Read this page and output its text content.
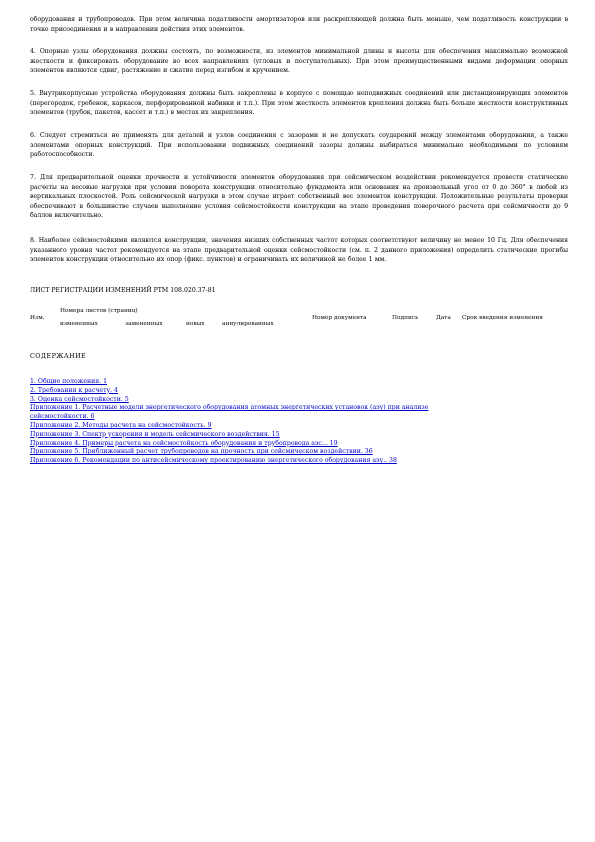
оборудования и трубопроводов. При этом величина податливости амортизаторов или раскрепляющей должна быть меньше, чем податливость конструкции в точке присоединения и в направлении действия этих элементов.

4. Опорные узлы оборудования должны состоять, по возможности, из элементов минимальной длины и высоты для обеспечения максимально возможной жесткости и фиксировать оборудование во всех направлениях (угловых и поступательных). При этом преимущественными видами деформации опорных элементов являются сдвиг, растяжение и сжатие перед изгибом и кручением.

5. Внутрикорпусные устройства оборудования должны быть закреплены в корпусе с помощью неподвижных соединений или дистанционирующих элементов (перегородок, гребенок, каркасов, перфорированной набивки и т.п.). При этом жесткость элементов крепления должна быть больше жесткости конструктивных элементов (трубок, пакетов, кассет и т.п.) в местах их закрепления.

6. Следует стремиться не применять для деталей и узлов соединения с зазорами и не допускать соударений между элементами оборудования, а также элементами опорных конструкций. При использовании подвижных соединений зазоры должны выбираться минимально необходимыми по условиям работоспособности.

7. Для предварительной оценки прочности и устойчивости элементов оборудования при сейсмическом воздействии рекомендуется провести статические расчеты на весовые нагрузки при условии поворота конструкции относительно фундамента или основания на произвольный угол от 0 до 360° в любой из вертикальных плоскостей. Роль сейсмической нагрузки в этом случае играет собственный вес элементов конструкции. Положительные результаты проверки обеспечивают в большинстве случаев выполнение условия сейсмостойкости конструкции на этапе проведения поверочного расчета при сейсмичности до 9 баллов включительно.

8. Наиболее сейсмостойкими являются конструкции, значения низших собственных частот которых соответствуют величину не менее 10 Гц. Для обеспечения указанного уровня частот рекомендуется на этапе предварительной оценки сейсмостойкости (см. п. 2 данного приложения) определить статические прогибы элементов конструкции относительно их опор (фикс. пунктов) и ограничивать их величиной не более 1 мм.

ЛИСТ РЕГИСТРАЦИИ ИЗМЕНЕНИЙ РТМ 108.020.37-81

Изм.
Номера листов (страниц)
измененных	замененных	новых	аннулированных
Номер документа	Подпись	Дата Срок введения изменения

СОДЕРЖАНИЕ

1. Общие положения. 1
2. Требования к расчету. 4
3. Оценка сейсмостойкости. 5
Приложение 1. Расчетные модели энергетического оборудования атомных энергетических установок (аэу) при анализе сейсмостойкости. 6
Приложение 2. Методы расчета на сейсмостойкость. 9
Приложение 3. Спектр ускорения и модель сейсмического воздействия. 15
Приложение 4. Примеры расчета на сейсмостойкость оборудования и трубопровода аэс... 19
Приложение 5. Приближенный расчет трубопроводов на прочность при сейсмическом воздействии. 36
Приложение 6. Рекомендации по антисейсмическому проектированию энергетического оборудования аэу.. 38
